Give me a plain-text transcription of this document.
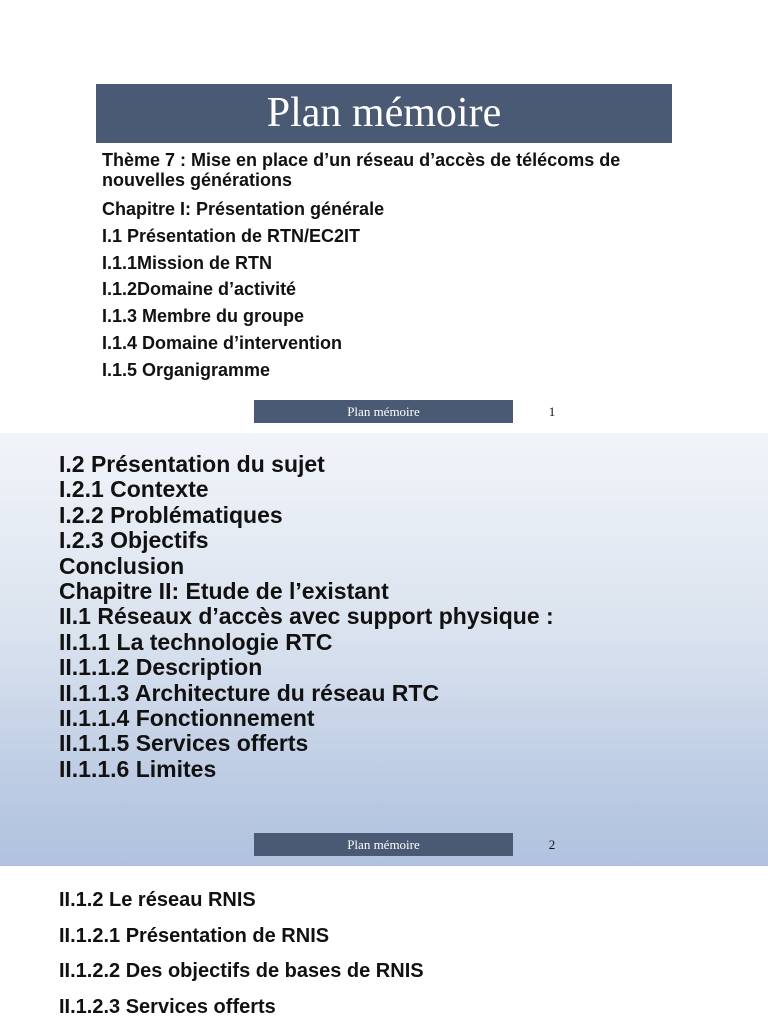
Plan mémoire
Thème 7 : Mise en place d’un réseau d’accès de télécoms de nouvelles générations
Chapitre I: Présentation générale
I.1 Présentation de RTN/EC2IT
I.1.1Mission de RTN
I.1.2Domaine d’activité
I.1.3 Membre du groupe
I.1.4 Domaine d’intervention
I.1.5 Organigramme
Plan mémoire	1
I.2 Présentation du sujet
I.2.1 Contexte
I.2.2 Problématiques
I.2.3 Objectifs
Conclusion
Chapitre II: Etude de l’existant
II.1 Réseaux d’accès avec support physique :
II.1.1 La technologie RTC
II.1.1.2 Description
II.1.1.3 Architecture du réseau RTC
II.1.1.4 Fonctionnement
II.1.1.5 Services offerts
II.1.1.6 Limites
Plan mémoire	2
II.1.2 Le réseau RNIS
II.1.2.1 Présentation de RNIS
II.1.2.2 Des objectifs de bases de RNIS
II.1.2.3 Services offerts
